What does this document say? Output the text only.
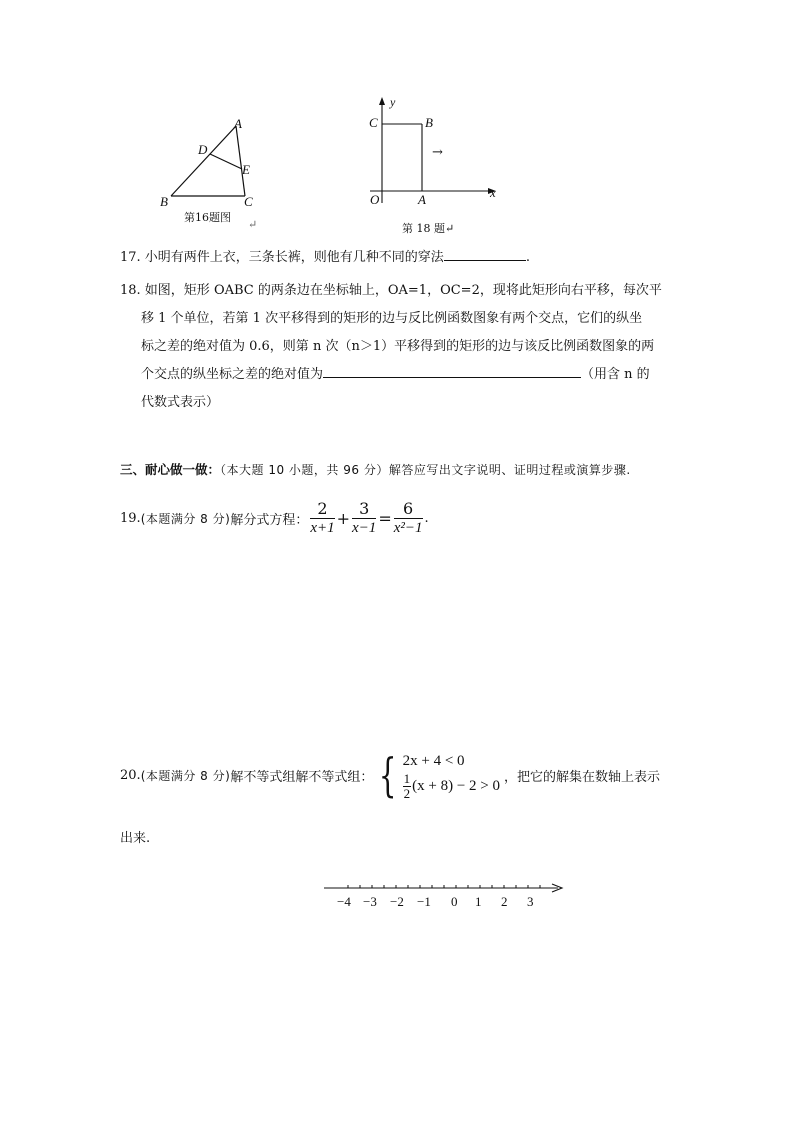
A
D
E
B	C
第16题图
↵
y
C	B
→
O	A	x
第 18 题↵
17. 小明有两件上衣，三条长裤，则他有几种不同的穿法	.
18. 如图，矩形 OABC 的两条边在坐标轴上，OA=1，OC=2，现将此矩形向右平移，每次平
移 1 个单位，若第 1 次平移得到的矩形的边与反比例函数图象有两个交点，它们的纵坐
标之差的绝对值为 0.6，则第 n 次（n＞1）平移得到的矩形的边与该反比例函数图象的两
个交点的纵坐标之差的绝对值为	（用含 n 的
代数式表示）
三、耐心做一做：（本大题 10 小题，共 96 分）解答应写出文字说明、证明过程或演算步骤.
19. (本题满分 8 分) 解分式方程： $\frac{2}{x+1} + \frac{3}{x-1} = \frac{6}{\text{x²−1}}$ .
20. (本题满分 8 分) 解不等式组解不等式组： { 2x + 4 < 0
$\frac{1}{2} (x + 8) - 2 > 0$
，把它的解集在数轴上表示
出来.
−4 −3 −2 −1 0 1 2 3
